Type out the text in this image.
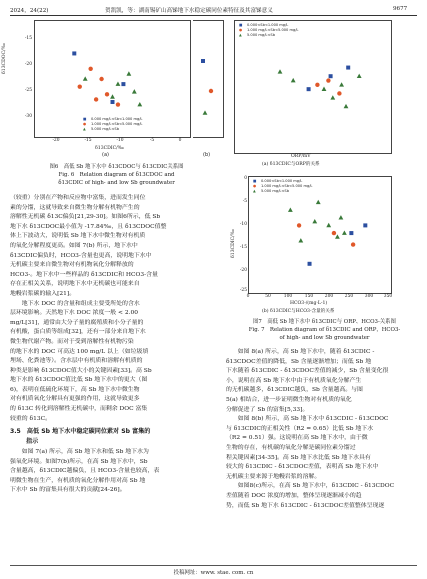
2024，24(22)	贺凯凯，等：湖南锡矿山高锑地下水稳定碳同位素特征及其富锑意义	9677
■ 0.000 mg/L<Sb<1.000 mg/L
● 1.000 mg/L<Sb<5.000 mg/L
▲ 5.000 mg/L<Sb
-15
-20
-25
-30
δ13CDOC/‰
-20	-15	-10	-5	0
δ13CDIC/‰
(a)	(b)
图6　高低 Sb 地下水中 δ13CDOC与 δ13CDIC关系图
Fig. 6　Relation diagram of δ13CDOC and
δ13CDIC of high- and low Sb groundwater
■ 0.000<Sb<1.000 mg/L
● 1.000 mg/L<Sb<5.000 mg/L
▲ 5.000 mg/L<Sb
ORP/mV
(a) δ13CDIC与ORP的关系
■ 0.000<Sb<1.000 mg/L
● 1.000 mg/L<Sb<5.000 mg/L
▲ 5.000 mg/L<Sb
0
-5
-10
-15
-20
-25
δ13CDIC/‰
0	50	100	150	200	250	300	350
HCO3-/(mg·L-1)
(b) δ13CDIC与HCO3-含量的关系
图7　高低 Sb 地下水中 δ13CDIC与 ORP、HCO3-关系图
Fig. 7　Relation diagram of δ13CDIC and ORP，HCO3-
of high- and low Sb groundwater
（较重）分别在产物和反应物中富集，进而发生同位
素的分馏，这就导致来自微生物分解有机物产生的
溶解性无机碳 δ13C偏负[21,29-30]。如图6所示，低 Sb
地下水 δ13CDOC最小值为 -17.84‰，且 δ13CDOC值整
体上下波动大，说明低 Sb 地下水中微生物对有机质
的氧化分解程度更高。如图 7(b) 所示，地下水中
δ13CDIC偏负时，HCO3-含量也更高，说明地下水中
无机碳主要来自微生物对有机物氧化分解释放的
HCO3-。地下水中一些样品的 δ13CDIC和 HCO3-含量
存在正相关关系，说明地下水中无机碳也可能来自
地幔岩浆碳的输入[21]。
　　地下水 DOC 的含量和组成主要受所处的含水
层环境影响。天然地下水 DOC 浓度一般 < 2.00
mg/L[31]，通常由大分子量的腐殖质和小分子量的
有机酸，蛋白质等组成[32]，还有一部分来自地下水
微生物代谢产物。而对于受到溶解性有机物污染
的地下水的 DOC 可高达 100 mg/L 以上（如垃圾填
埋场、化粪池等）。含水层中有机质和溶解有机质的
种类是影响 δ13CDOC值大小的关键因素[33]。高 Sb
地下水的 δ13CDOC值比低 Sb 地下水中的更大（图
6)，表明在低硫化环境下，高 Sb 地下水中微生物
对有机质氧化分解具有更强的作用，这就导致更多
的 δ13C 转化到溶解性无机碳中，而剩余 DOC 富集
较重的 δ13C。
3.5　高低 Sb 地下水中稳定碳同位素对 Sb 富集的
指示
　　如图 7(a) 所示，高 Sb 地下水和低 Sb 地下水为
强氧化环境。如图7(b)所示，在高 Sb 地下水中，Sb
含量越高，δ13CDIC越偏负，且 HCO3-含量也较高，表
明微生物在生产，有机质的氧化分解作用对高 Sb 地
下水中 Sb 的富集具有很大的贡献[24-26]。
　　如图 8(a) 所示，高 Sb 地下水中，随着 δ13CDIC -
δ13CDOC差值的降低，Sb 含量逐渐增加；而低 Sb 地
下水随着 δ13CDIC - δ13CDOC差值的减少，Sb 含量变化很
小，说明在高 Sb 地下水中由于有机质氧化分解产生
的无机碳越多，δ13CDIC越负，Sb 含量越高。与图
5(a) 相结合，进一步证明微生物对有机质的氧化
分解促进了 Sb 的富集[5,33]。
　　如图 8(b) 所示，高 Sb 地下水中 δ13CDIC - δ13CDOC
与 δ13CDIC的正相关性（R2 = 0.65）比低 Sb 地下水
（R2 = 0.51）强。这说明在高 Sb 地下水中，由于微
生物的存在，有机碳的氧化分解是碳同位素分馏过
程关键因素[34-35]。高 Sb 地下水比低 Sb 地下水具有
较大的 δ13CDIC - δ13CDOC差值，表明高 Sb 地下水中
无机碳主要来源于地幔岩浆的溶解。
　　如图8(c)所示，在高 Sb 地下水中，δ13CDIC - δ13CDOC
差值随着 DOC 浓度的增加，整体呈现逐渐减小的趋
势，而低 Sb 地下水 δ13CDIC - δ13CDOC差值整体呈现逐
投稿网址：www. stae. com. cn
